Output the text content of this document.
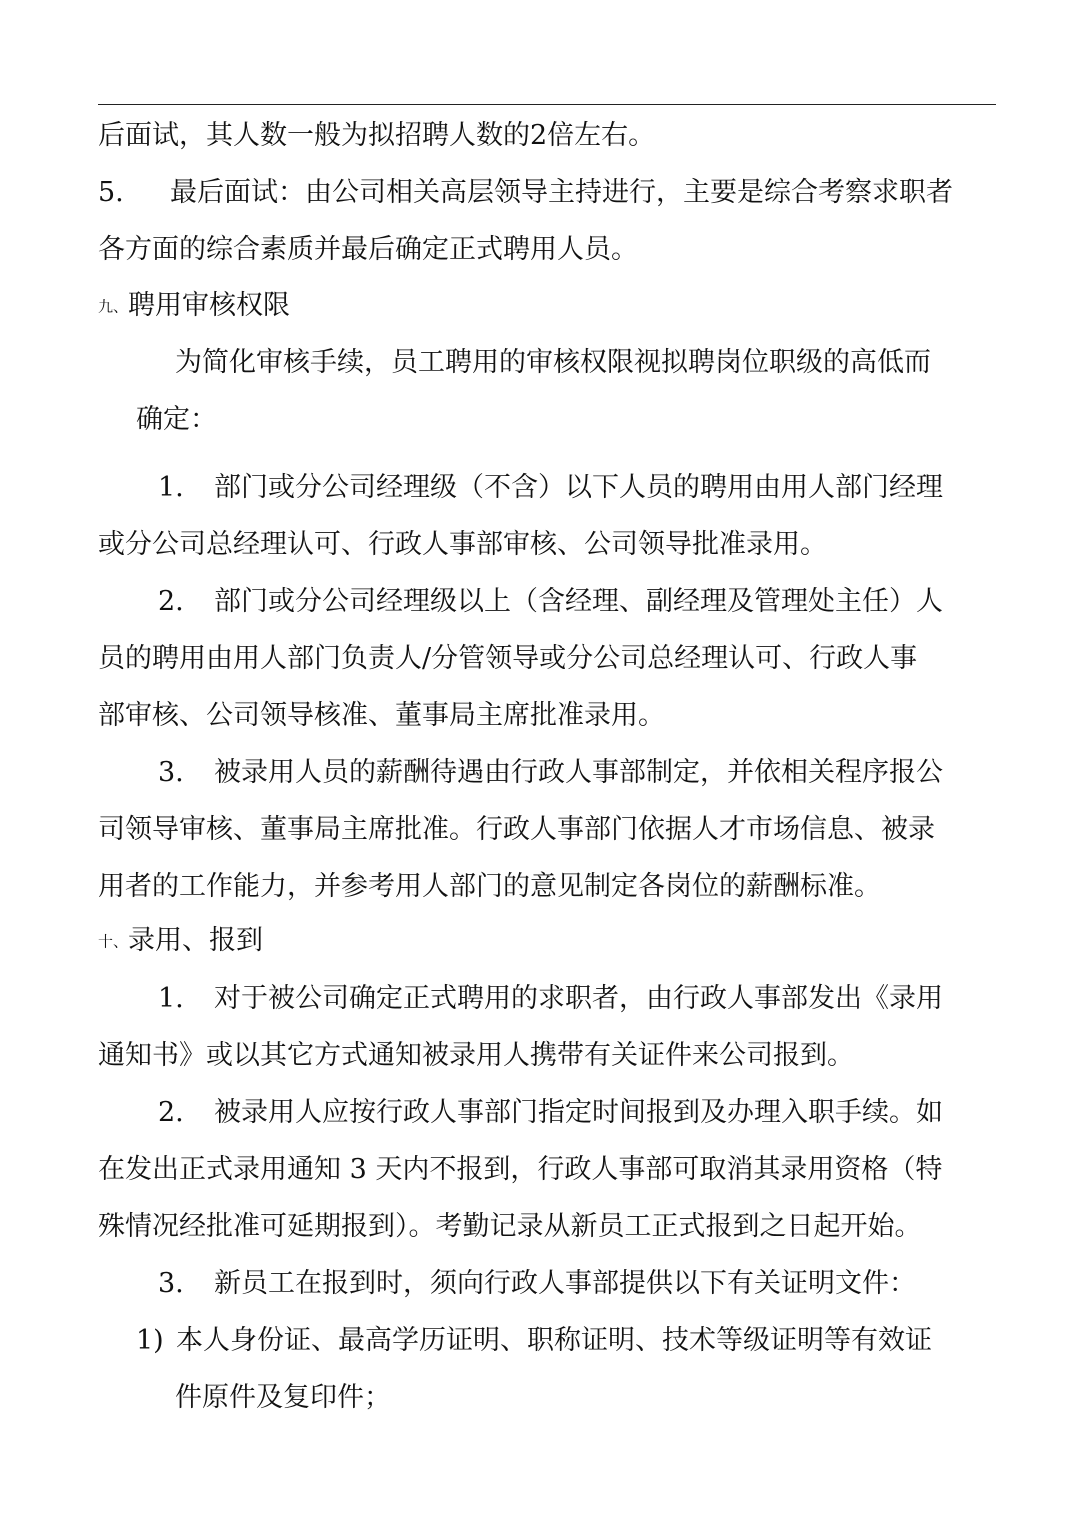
后面试，其人数一般为拟招聘人数的2倍左右。
5. 最后面试：由公司相关高层领导主持进行，主要是综合考察求职者
各方面的综合素质并最后确定正式聘用人员。
九、聘用审核权限
为简化审核手续，员工聘用的审核权限视拟聘岗位职级的高低而
确定：
1. 部门或分公司经理级（不含）以下人员的聘用由用人部门经理
或分公司总经理认可、行政人事部审核、公司领导批准录用。
2. 部门或分公司经理级以上（含经理、副经理及管理处主任）人
员的聘用由用人部门负责人/分管领导或分公司总经理认可、行政人事
部审核、公司领导核准、董事局主席批准录用。
3. 被录用人员的薪酬待遇由行政人事部制定，并依相关程序报公
司领导审核、董事局主席批准。行政人事部门依据人才市场信息、被录
用者的工作能力，并参考用人部门的意见制定各岗位的薪酬标准。
十、录用、报到
1. 对于被公司确定正式聘用的求职者，由行政人事部发出《录用
通知书》或以其它方式通知被录用人携带有关证件来公司报到。
2. 被录用人应按行政人事部门指定时间报到及办理入职手续。如
在发出正式录用通知 3 天内不报到，行政人事部可取消其录用资格（特
殊情况经批准可延期报到）。考勤记录从新员工正式报到之日起开始。
3. 新员工在报到时，须向行政人事部提供以下有关证明文件：
1) 本人身份证、最高学历证明、职称证明、技术等级证明等有效证
件原件及复印件；
